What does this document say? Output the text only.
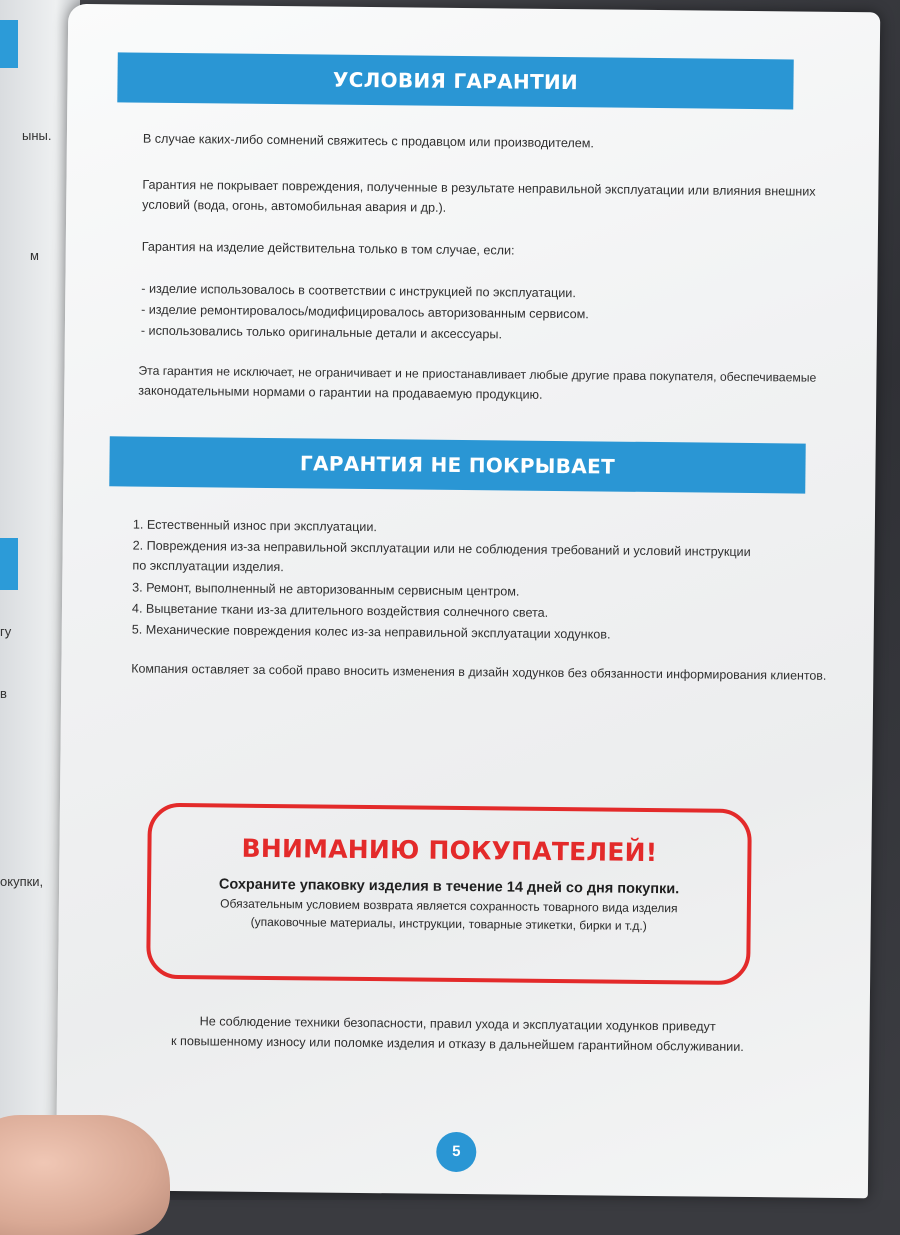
ыны.
м
гу
в
окупки,
УСЛОВИЯ ГАРАНТИИ
В случае каких-либо сомнений свяжитесь с продавцом или производителем.
Гарантия не покрывает повреждения, полученные в результате неправильной эксплуатации или влияния внешних
условий (вода, огонь, автомобильная авария и др.).
Гарантия на изделие действительна только в том случае, если:
- изделие использовалось в соответствии с инструкцией по эксплуатации.
- изделие ремонтировалось/модифицировалось авторизованным сервисом.
- использовались только оригинальные детали и аксессуары.
Эта гарантия не исключает, не ограничивает и не приостанавливает любые другие права покупателя, обеспечиваемые
законодательными нормами о гарантии на продаваемую продукцию.
ГАРАНТИЯ НЕ ПОКРЫВАЕТ
1. Естественный износ при эксплуатации.
2. Повреждения из-за неправильной эксплуатации или не соблюдения требований и условий инструкции
по эксплуатации изделия.
3. Ремонт, выполненный не авторизованным сервисным центром.
4. Выцветание ткани из-за длительного воздействия солнечного света.
5. Механические повреждения колес из-за неправильной эксплуатации ходунков.
Компания оставляет за собой право вносить изменения в дизайн ходунков без обязанности информирования клиентов.
ВНИМАНИЮ ПОКУПАТЕЛЕЙ!
Сохраните упаковку изделия в течение 14 дней со дня покупки.
Обязательным условием возврата является сохранность товарного вида изделия
(упаковочные материалы, инструкции, товарные этикетки, бирки и т.д.)
Не соблюдение техники безопасности, правил ухода и эксплуатации ходунков приведут
к повышенному износу или поломке изделия и отказу в дальнейшем гарантийном обслуживании.
5
